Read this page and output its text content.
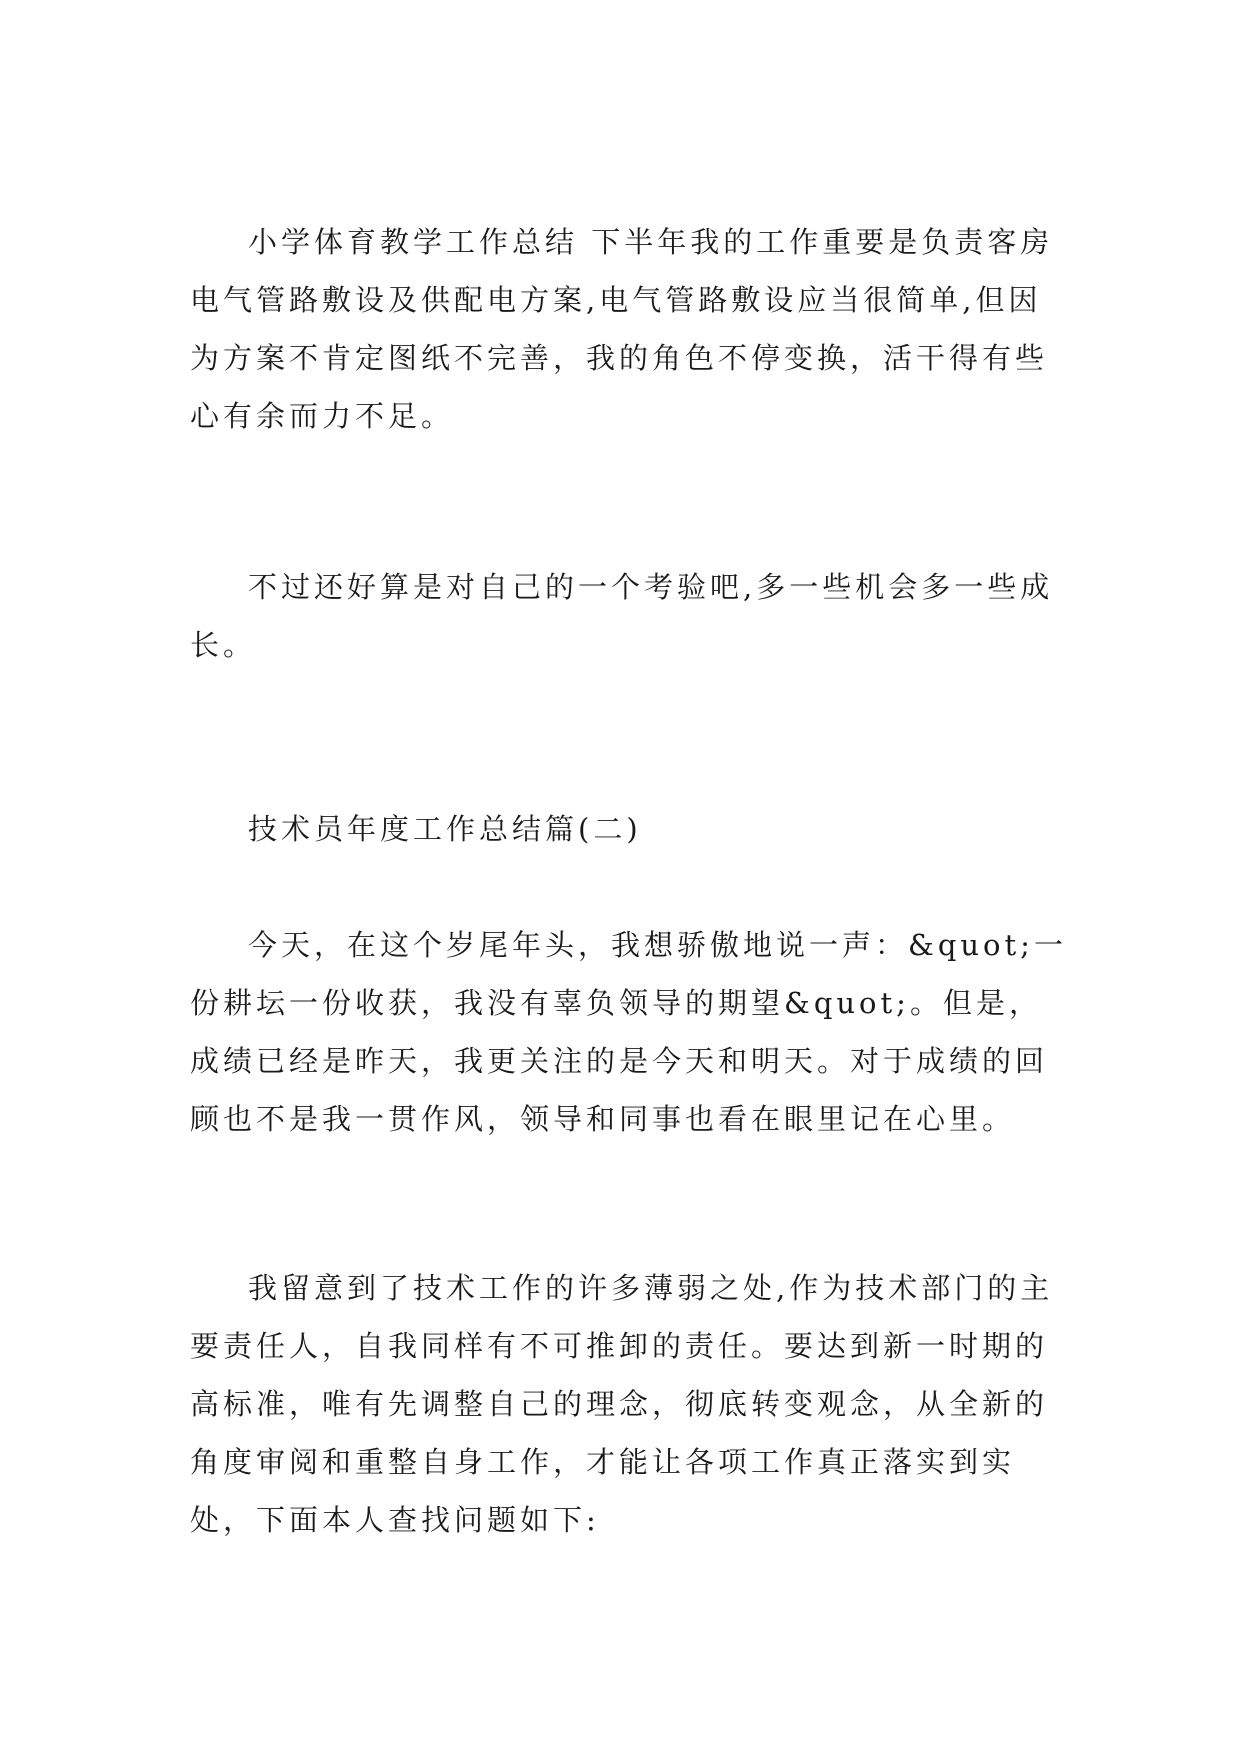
小学体育教学工作总结 下半年我的工作重要是负责客房电气管路敷设及供配电方案,电气管路敷设应当很简单,但因为方案不肯定图纸不完善，我的角色不停变换，活干得有些心有余而力不足。

不过还好算是对自己的一个考验吧,多一些机会多一些成长。

技术员年度工作总结篇(二)

今天，在这个岁尾年头，我想骄傲地说一声：&quot;一份耕坛一份收获，我没有辜负领导的期望&quot;。但是，成绩已经是昨天，我更关注的是今天和明天。对于成绩的回顾也不是我一贯作风，领导和同事也看在眼里记在心里。

我留意到了技术工作的许多薄弱之处,作为技术部门的主要责任人，自我同样有不可推卸的责任。要达到新一时期的高标准，唯有先调整自己的理念，彻底转变观念，从全新的角度审阅和重整自身工作，才能让各项工作真正落实到实处，下面本人查找问题如下:
